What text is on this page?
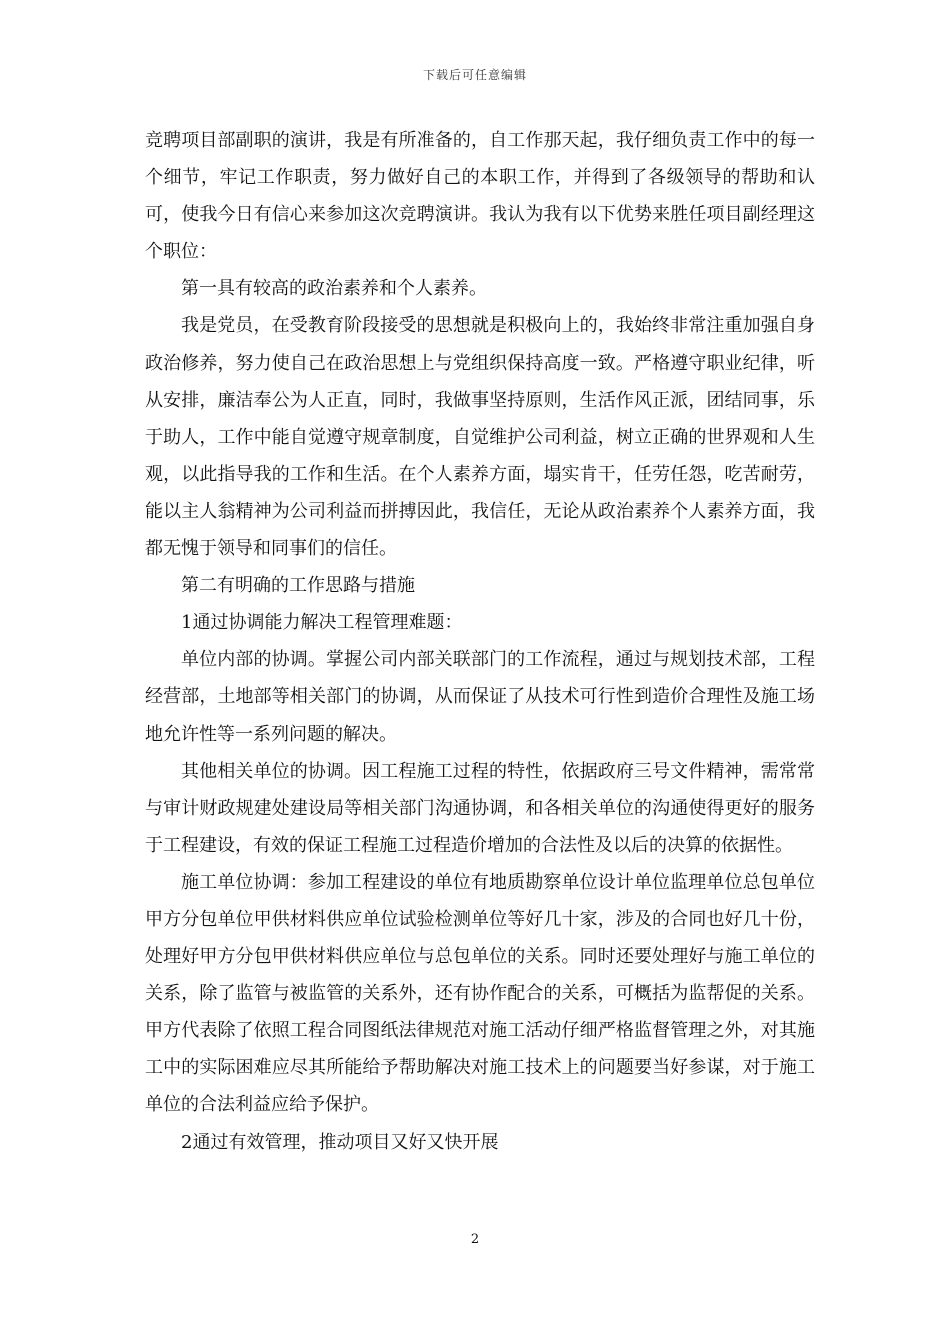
下载后可任意编辑

竞聘项目部副职的演讲，我是有所准备的，自工作那天起，我仔细负责工作中的每一个细节，牢记工作职责，努力做好自己的本职工作，并得到了各级领导的帮助和认可，使我今日有信心来参加这次竞聘演讲。我认为我有以下优势来胜任项目副经理这个职位：

第一具有较高的政治素养和个人素养。

我是党员，在受教育阶段接受的思想就是积极向上的，我始终非常注重加强自身政治修养，努力使自己在政治思想上与党组织保持高度一致。严格遵守职业纪律，听从安排，廉洁奉公为人正直，同时，我做事坚持原则，生活作风正派，团结同事，乐于助人，工作中能自觉遵守规章制度，自觉维护公司利益，树立正确的世界观和人生观，以此指导我的工作和生活。在个人素养方面，塌实肯干，任劳任怨，吃苦耐劳，能以主人翁精神为公司利益而拼搏因此，我信任，无论从政治素养个人素养方面，我都无愧于领导和同事们的信任。

第二有明确的工作思路与措施

1通过协调能力解决工程管理难题：

单位内部的协调。掌握公司内部关联部门的工作流程，通过与规划技术部，工程经营部，土地部等相关部门的协调，从而保证了从技术可行性到造价合理性及施工场地允许性等一系列问题的解决。

其他相关单位的协调。因工程施工过程的特性，依据政府三号文件精神，需常常与审计财政规建处建设局等相关部门沟通协调，和各相关单位的沟通使得更好的服务于工程建设，有效的保证工程施工过程造价增加的合法性及以后的决算的依据性。

施工单位协调：参加工程建设的单位有地质勘察单位设计单位监理单位总包单位甲方分包单位甲供材料供应单位试验检测单位等好几十家，涉及的合同也好几十份，处理好甲方分包甲供材料供应单位与总包单位的关系。同时还要处理好与施工单位的关系，除了监管与被监管的关系外，还有协作配合的关系，可概括为监帮促的关系。甲方代表除了依照工程合同图纸法律规范对施工活动仔细严格监督管理之外，对其施工中的实际困难应尽其所能给予帮助解决对施工技术上的问题要当好参谋，对于施工单位的合法利益应给予保护。

2通过有效管理，推动项目又好又快开展

2
